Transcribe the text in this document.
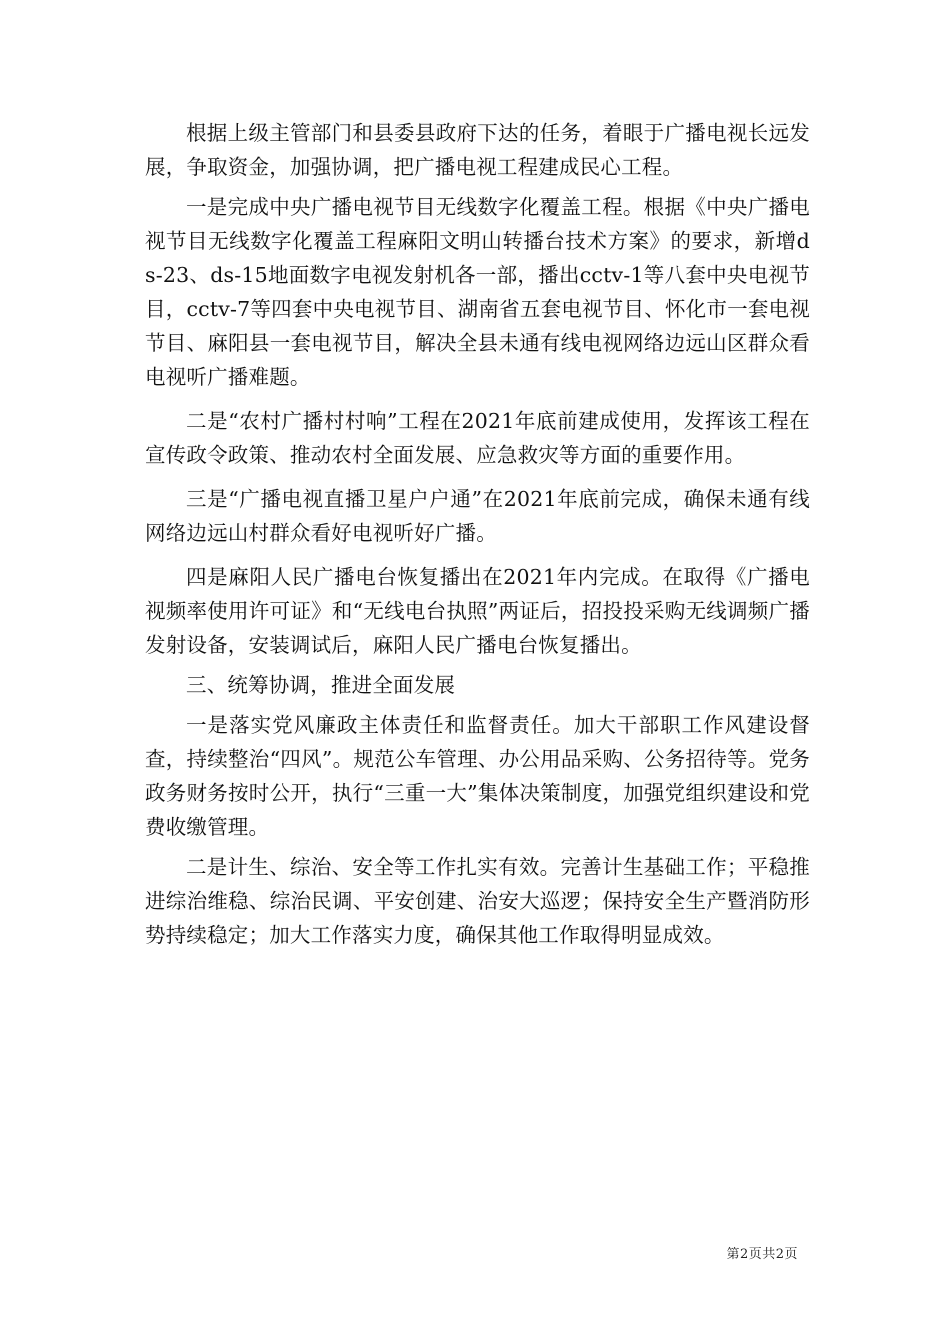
根据上级主管部门和县委县政府下达的任务，着眼于广播电视长远发展，争取资金，加强协调，把广播电视工程建成民心工程。

一是完成中央广播电视节目无线数字化覆盖工程。根据《中央广播电视节目无线数字化覆盖工程麻阳文明山转播台技术方案》的要求，新增ds-23、ds-15地面数字电视发射机各一部，播出cctv-1等八套中央电视节目，cctv-7等四套中央电视节目、湖南省五套电视节目、怀化市一套电视节目、麻阳县一套电视节目，解决全县未通有线电视网络边远山区群众看电视听广播难题。

二是“农村广播村村响”工程在2021年底前建成使用，发挥该工程在宣传政令政策、推动农村全面发展、应急救灾等方面的重要作用。

三是“广播电视直播卫星户户通”在2021年底前完成，确保未通有线网络边远山村群众看好电视听好广播。

四是麻阳人民广播电台恢复播出在2021年内完成。在取得《广播电视频率使用许可证》和“无线电台执照”两证后，招投投采购无线调频广播发射设备，安装调试后，麻阳人民广播电台恢复播出。

三、统筹协调，推进全面发展

一是落实党风廉政主体责任和监督责任。加大干部职工作风建设督查，持续整治“四风”。规范公车管理、办公用品采购、公务招待等。党务政务财务按时公开，执行“三重一大”集体决策制度，加强党组织建设和党费收缴管理。

二是计生、综治、安全等工作扎实有效。完善计生基础工作；平稳推进综治维稳、综治民调、平安创建、治安大巡逻；保持安全生产暨消防形势持续稳定；加大工作落实力度，确保其他工作取得明显成效。

第2页共2页
